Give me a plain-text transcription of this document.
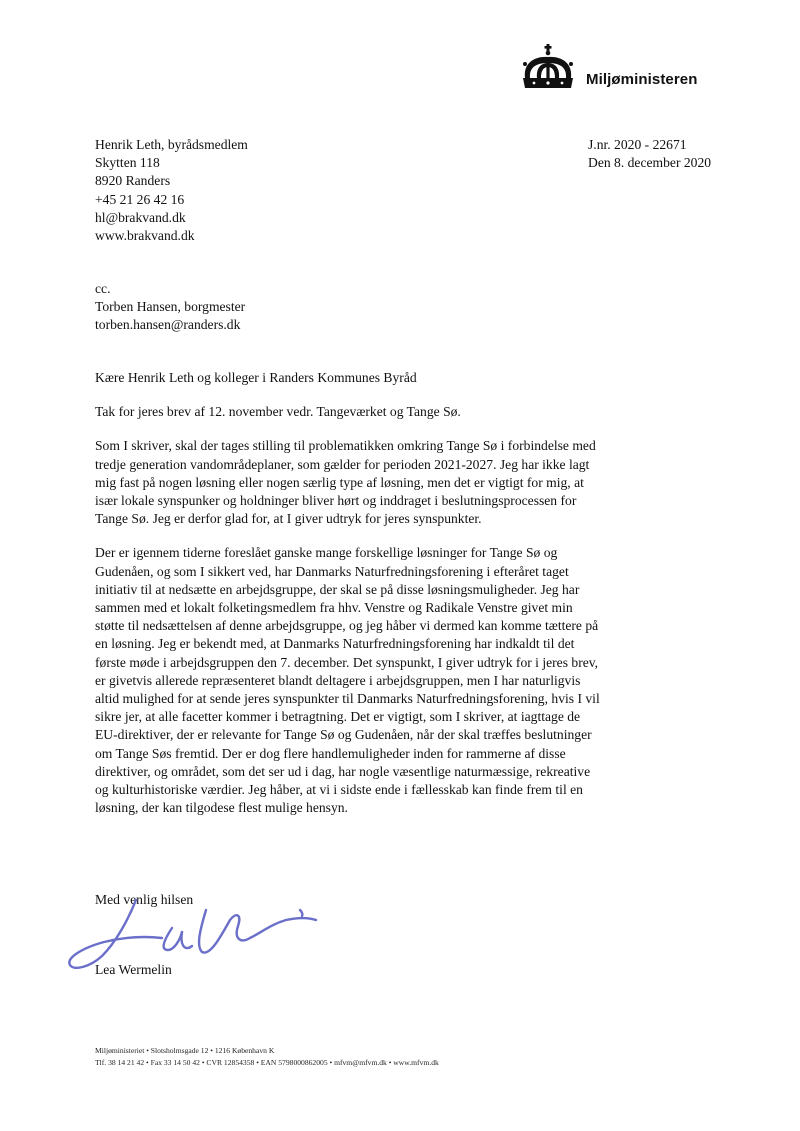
Miljøministeren
Henrik Leth, byrådsmedlem
Skytten 118
8920 Randers
+45 21 26 42 16
hl@brakvand.dk
www.brakvand.dk
J.nr. 2020 - 22671
Den 8. december 2020
cc.
Torben Hansen, borgmester
torben.hansen@randers.dk

Kære Henrik Leth og kolleger i Randers Kommunes Byråd

Tak for jeres brev af 12. november vedr. Tangeværket og Tange Sø.

Som I skriver, skal der tages stilling til problematikken omkring Tange Sø i forbindelse med tredje generation vandområdeplaner, som gælder for perioden 2021-2027. Jeg har ikke lagt mig fast på nogen løsning eller nogen særlig type af løsning, men det er vigtigt for mig, at især lokale synspunker og holdninger bliver hørt og inddraget i beslutningsprocessen for Tange Sø. Jeg er derfor glad for, at I giver udtryk for jeres synspunkter.

Der er igennem tiderne foreslået ganske mange forskellige løsninger for Tange Sø og Gudenåen, og som I sikkert ved, har Danmarks Naturfredningsforening i efteråret taget initiativ til at nedsætte en arbejdsgruppe, der skal se på disse løsningsmuligheder. Jeg har sammen med et lokalt folketingsmedlem fra hhv. Venstre og Radikale Venstre givet min støtte til nedsættelsen af denne arbejdsgruppe, og jeg håber vi dermed kan komme tættere på en løsning. Jeg er bekendt med, at Danmarks Naturfredningsforening har indkaldt til det første møde i arbejdsgruppen den 7. december. Det synspunkt, I giver udtryk for i jeres brev, er givetvis allerede repræsenteret blandt deltagere i arbejdsgruppen, men I har naturligvis altid mulighed for at sende jeres synspunkter til Danmarks Naturfredningsforening, hvis I vil sikre jer, at alle facetter kommer i betragtning. Det er vigtigt, som I skriver, at iagttage de EU-direktiver, der er relevante for Tange Sø og Gudenåen, når der skal træffes beslutninger om Tange Søs fremtid. Der er dog flere handlemuligheder inden for rammerne af disse direktiver, og området, som det ser ud i dag, har nogle væsentlige naturmæssige, rekreative og kulturhistoriske værdier. Jeg håber, at vi i sidste ende i fællesskab kan finde frem til en løsning, der kan tilgodese flest mulige hensyn.

Med venlig hilsen
Lea Wermelin
Miljøministeriet • Slotsholmsgade 12 • 1216 København K
Tlf. 38 14 21 42 • Fax 33 14 50 42 • CVR 12854358 • EAN 5798000862005 • mfvm@mfvm.dk • www.mfvm.dk
